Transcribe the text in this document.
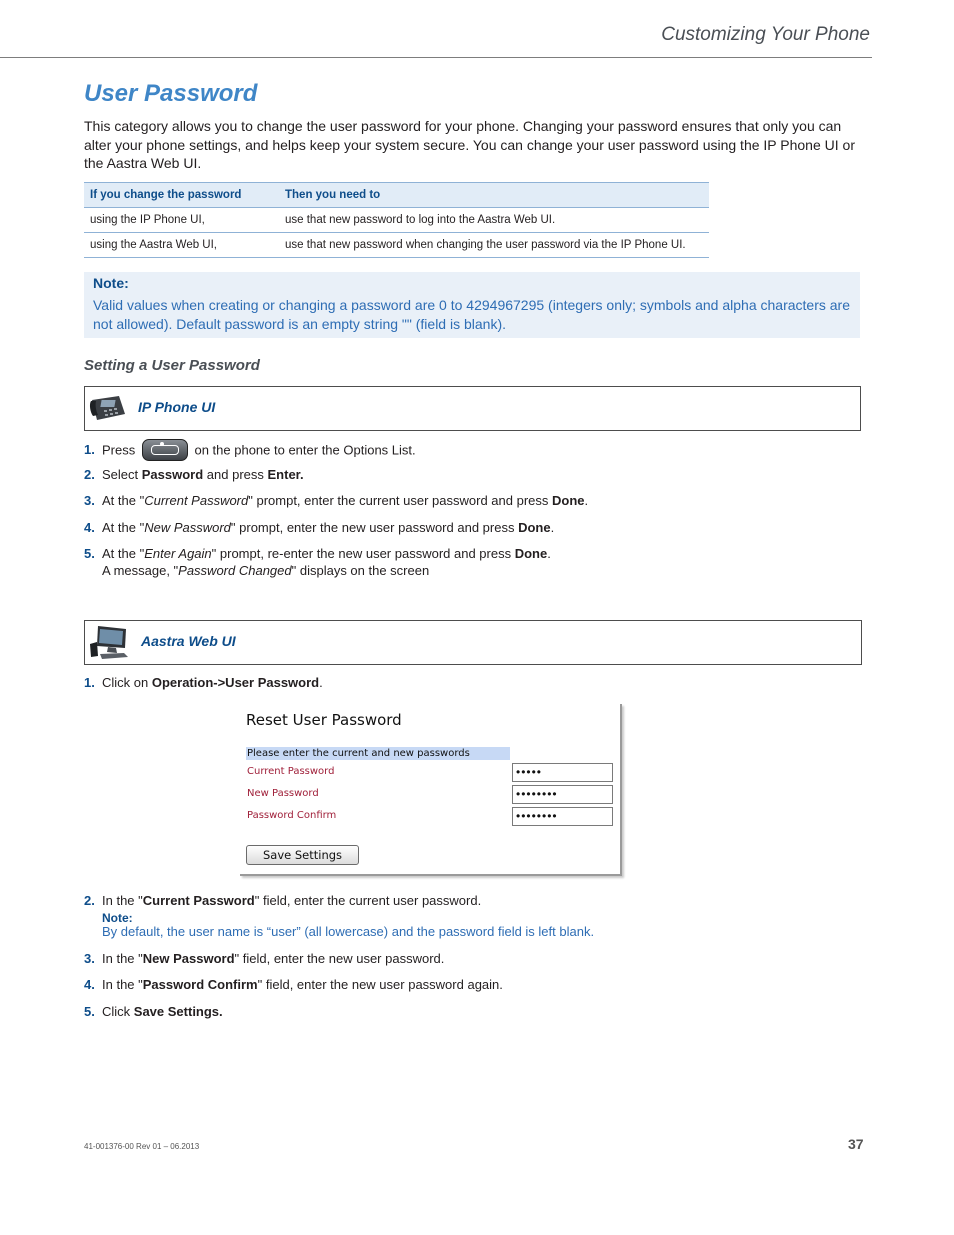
Customizing Your Phone
User Password
This category allows you to change the user password for your phone. Changing your password ensures that only you can alter your phone settings, and helps keep your system secure. You can change your user password using the IP Phone UI or the Aastra Web UI.
If you change the password	Then you need to
using the IP Phone UI,	use that new password to log into the Aastra Web UI.
using the Aastra Web UI,	use that new password when changing the user password via the IP Phone UI.
Note:
Valid values when creating or changing a password are 0 to 4294967295 (integers only; symbols and alpha characters are not allowed). Default password is an empty string "" (field is blank).
Setting a User Password
IP Phone UI
1. Press	on the phone to enter the Options List.
2. Select Password and press Enter.
3. At the "Current Password" prompt, enter the current user password and press Done.
4. At the "New Password" prompt, enter the new user password and press Done.
5. At the "Enter Again" prompt, re-enter the new user password and press Done.
A message, "Password Changed" displays on the screen
Aastra Web UI
1. Click on Operation->User Password.
Reset User Password
Please enter the current and new passwords
Current Password	•••••
New Password	••••••••
Password Confirm	••••••••
Save Settings
2. In the "Current Password" field, enter the current user password.
Note:
By default, the user name is “user” (all lowercase) and the password field is left blank.
3. In the "New Password" field, enter the new user password.
4. In the "Password Confirm" field, enter the new user password again.
5. Click Save Settings.
41-001376-00 Rev 01 – 06.2013	37
